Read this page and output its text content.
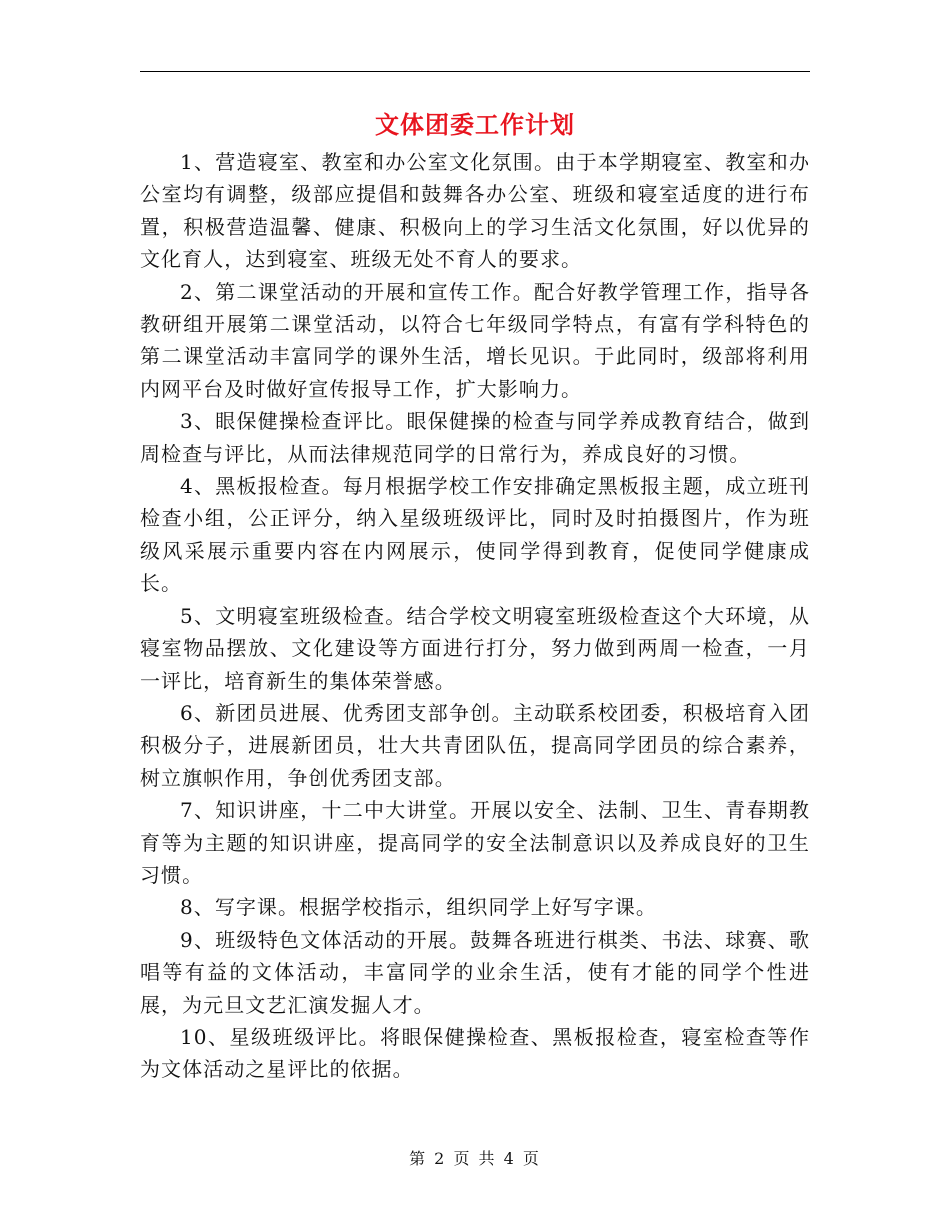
文体团委工作计划

1、营造寝室、教室和办公室文化氛围。由于本学期寝室、教室和办公室均有调整，级部应提倡和鼓舞各办公室、班级和寝室适度的进行布置，积极营造温馨、健康、积极向上的学习生活文化氛围，好以优异的文化育人，达到寝室、班级无处不育人的要求。

2、第二课堂活动的开展和宣传工作。配合好教学管理工作，指导各教研组开展第二课堂活动，以符合七年级同学特点，有富有学科特色的第二课堂活动丰富同学的课外生活，增长见识。于此同时，级部将利用内网平台及时做好宣传报导工作，扩大影响力。

3、眼保健操检查评比。眼保健操的检查与同学养成教育结合，做到周检查与评比，从而法律规范同学的日常行为，养成良好的习惯。

4、黑板报检查。每月根据学校工作安排确定黑板报主题，成立班刊检查小组，公正评分，纳入星级班级评比，同时及时拍摄图片，作为班级风采展示重要内容在内网展示，使同学得到教育，促使同学健康成长。

5、文明寝室班级检查。结合学校文明寝室班级检查这个大环境，从寝室物品摆放、文化建设等方面进行打分，努力做到两周一检查，一月一评比，培育新生的集体荣誉感。

6、新团员进展、优秀团支部争创。主动联系校团委，积极培育入团积极分子，进展新团员，壮大共青团队伍，提高同学团员的综合素养，树立旗帜作用，争创优秀团支部。

7、知识讲座，十二中大讲堂。开展以安全、法制、卫生、青春期教育等为主题的知识讲座，提高同学的安全法制意识以及养成良好的卫生习惯。

8、写字课。根据学校指示，组织同学上好写字课。

9、班级特色文体活动的开展。鼓舞各班进行棋类、书法、球赛、歌唱等有益的文体活动，丰富同学的业余生活，使有才能的同学个性进展，为元旦文艺汇演发掘人才。

10、星级班级评比。将眼保健操检查、黑板报检查，寝室检查等作为文体活动之星评比的依据。

第 2 页 共 4 页
